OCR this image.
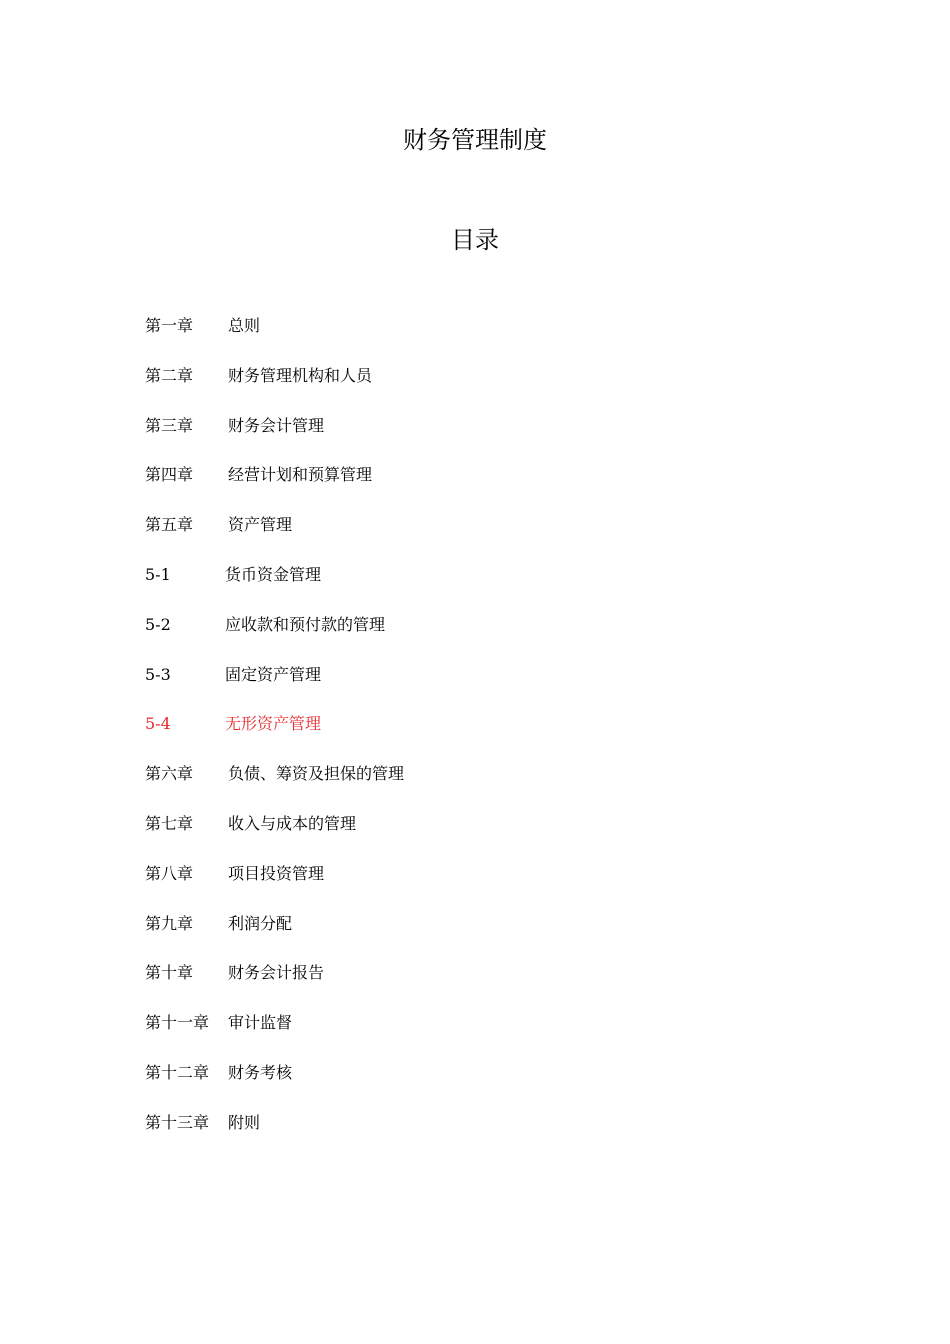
财务管理制度
目录
第一章	总则
第二章	财务管理机构和人员
第三章	财务会计管理
第四章	经营计划和预算管理
第五章	资产管理
5-1	货币资金管理
5-2	应收款和预付款的管理
5-3	固定资产管理
5-4	无形资产管理
第六章	负债、筹资及担保的管理
第七章	收入与成本的管理
第八章	项目投资管理
第九章	利润分配
第十章	财务会计报告
第十一章	审计监督
第十二章	财务考核
第十三章	附则
